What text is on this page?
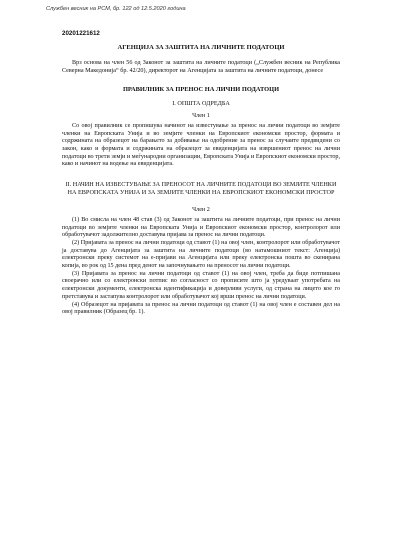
Службен весник на РСМ, бр. 122 од 12.5.2020 година
20201221612
АГЕНЦИЈА ЗА ЗАШТИТА НА ЛИЧНИТЕ ПОДАТОЦИ

Врз основа на член 56 од Законот за заштита на личните податоци („Службен весник на Република Северна Македонија“ бр. 42/20), директорот на Агенцијата за заштита на личните податоци, донесе

ПРАВИЛНИК ЗА ПРЕНОС НА ЛИЧНИ ПОДАТОЦИ
I. ОПШТА ОДРЕДБА
Член 1

Со овој правилник се пропишува начинот на известување за пренос на лични податоци во земјите членки на Европската Унија и во земјите членки на Европскиот економски простор, формата и содржината на образецот на барањето за добивање на одобрение за пренос за случаите предвидени со закон, како и формата и содржината на образецот за евиденцијата на извршениот пренос на лични податоци во трети земји и меѓународни организации, Европската Унија и Европскиот економски простор, како и начинот на водење на евиденцијата.

II. НАЧИН НА ИЗВЕСТУВАЊЕ ЗА ПРЕНОСОТ НА ЛИЧНИТЕ ПОДАТОЦИ ВО ЗЕМЈИТЕ ЧЛЕНКИ НА ЕВРОПСКАТА УНИЈА И ЗА ЗЕМЈИТЕ ЧЛЕНКИ НА ЕВРОПСКИОТ ЕКОНОМСКИ ПРОСТОР
Член 2

(1) Во смисла на член 48 став (3) од Законот за заштита на личните податоци, при пренос на лични податоци во земјите членки на Европската Унија и Европскиот економски простор, контролорот или обработувачот задолжително доставува пријава за пренос на лични податоци.

(2) Пријавата за пренос на лични податоци од ставот (1) на овој член, контролорот или обработувачот ја доставува до Агенцијата за заштита на личните податоци (во натамошниот текст: Агенција) електронски преку системот на е-пријави на Агенцијата или преку електронска пошта во скенирана копија, во рок од 15 дена пред денот на започнувањето на преносот на лични податоци.

(3) Пријавата за пренос на лични податоци од ставот (1) на овој член, треба да биде потпишана своерачно или со електронски потпис во согласност со прописите што ја уредуваат употребата на електронски документи, електронска идентификација и доверливи услуги, од страна на лицето кое го претставува и застапува контролорот или обработувачот кој врши пренос на лични податоци.

(4) Образецот на пријавата за пренос на лични податоци од ставот (1) на овој член е составен дел на овој правилник (Образец бр. 1).
